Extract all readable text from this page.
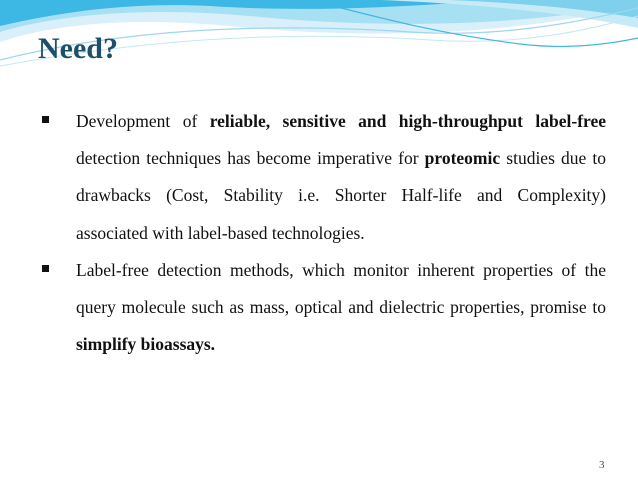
Need?

Development of reliable, sensitive and high-throughput label-free detection techniques has become imperative for proteomic studies due to drawbacks (Cost, Stability i.e. Shorter Half-life and Complexity) associated with label-based technologies.

Label-free detection methods, which monitor inherent properties of the query molecule such as mass, optical and dielectric properties, promise to simplify bioassays.

3
